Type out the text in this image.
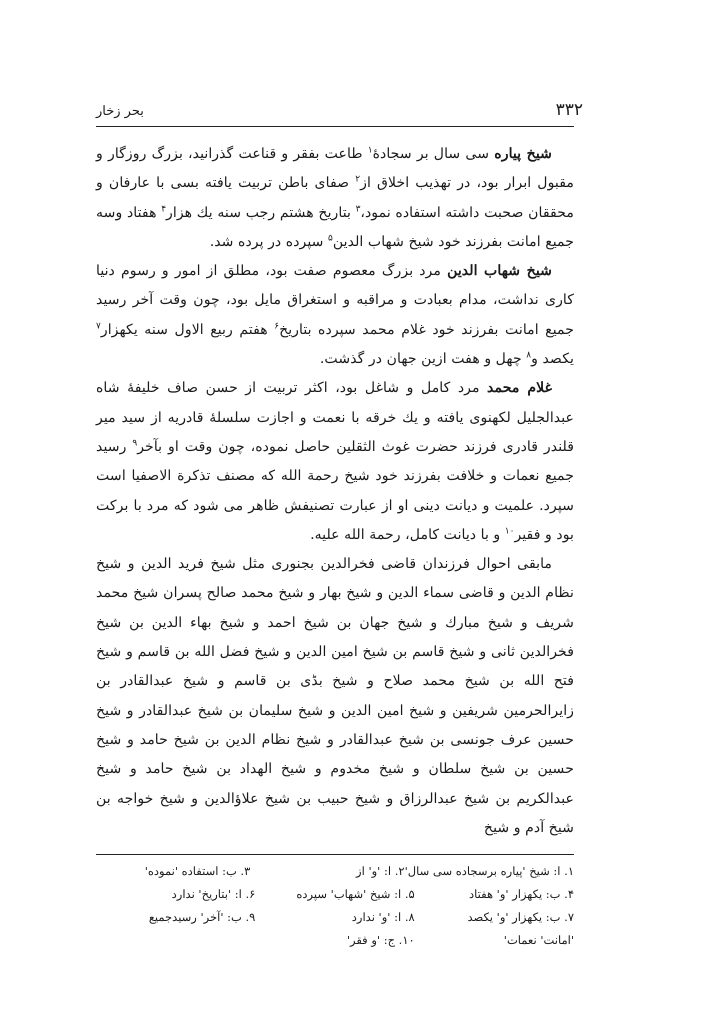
۳۳۲
بحر زخار

شیخ پیاره سی سال بر سجادهٔ$^۱$ طاعت بفقر و قناعت گذرانید، بزرگ روزگار و مقبول ابرار بود، در تهذیب اخلاق از$^۲$ صفای باطن تربیت یافته بسی با عارفان و محققان صحبت داشته استفاده نمود،$^۳$ بتاریخ هشتم رجب سنه یك هزار$^۴$ هفتاد وسه جمیع امانت بفرزند خود شیخ شهاب الدین$^۵$ سپرده در پرده شد.

شیخ شهاب الدین مرد بزرگ معصوم صفت بود، مطلق از امور و رسوم دنیا کاری نداشت، مدام بعبادت و مراقبه و استغراق مایل بود، چون وقت آخر رسید جمیع امانت بفرزند خود غلام محمد سپرده بتاریخ$^۶$ هفتم ربیع الاول سنه یکهزار$^۷$ یکصد و$^۸$ چهل و هفت ازین جهان در گذشت.

غلام محمد مرد کامل و شاغل بود، اکثر تربیت از حسن صاف خلیفهٔ شاه عبدالجلیل لکهنوی یافته و یك خرقه با نعمت و اجازت سلسلهٔ قادریه از سید میر قلندر قادری فرزند حضرت غوث الثقلین حاصل نموده، چون وقت او بآخر$^۹$ رسید جمیع نعمات و خلافت بفرزند خود شیخ رحمة الله که مصنف تذکرة الاصفیا است سپرد. علمیت و دیانت دینی او از عبارت تصنیفش ظاهر می شود که مرد با برکت بود و فقیر$^{۱۰}$ و با دیانت کامل، رحمة الله علیه.

مابقی احوال فرزندان قاضی فخرالدین بجنوری مثل شیخ فرید الدین و شیخ نظام الدین و قاضی سماء الدین و شیخ بهار و شیخ محمد صالح پسران شیخ محمد شریف و شیخ مبارك و شیخ جهان بن شیخ احمد و شیخ بهاء الدین بن شیخ فخرالدین ثانی و شیخ قاسم بن شیخ امین الدین و شیخ فضل الله بن قاسم و شیخ فتح الله بن شیخ محمد صلاح و شیخ بڈی بن قاسم و شیخ عبدالقادر بن زایرالحرمین شریفین و شیخ امین الدین و شیخ سلیمان بن شیخ عبدالقادر و شیخ حسین عرف جونسی بن شیخ عبدالقادر و شیخ نظام الدین بن شیخ حامد و شیخ حسین بن شیخ سلطان و شیخ مخدوم و شیخ الهداد بن شیخ حامد و شیخ عبدالکریم بن شیخ عبدالرزاق و شیخ حبیب بن شیخ علاؤالدین و شیخ خواجه بن شیخ آدم و شیخ

۱. ا: شیخ 'پیاره برسجاده سی سال'
۲. ا: 'و' از
۳. ب: استفاده 'نموده'
۴. ب: یکهزار 'و' هفتاد
۵. ا: شیخ 'شهاب' سپرده
۶. ا: 'بتاریخ' ندارد
۷. ب: یکهزار 'و' یکصد
۸. ا: 'و' ندارد
۹. ب: 'آخر' رسیدجمیع
'امانت' نعمات'
۱۰. ج: 'و فقر'
